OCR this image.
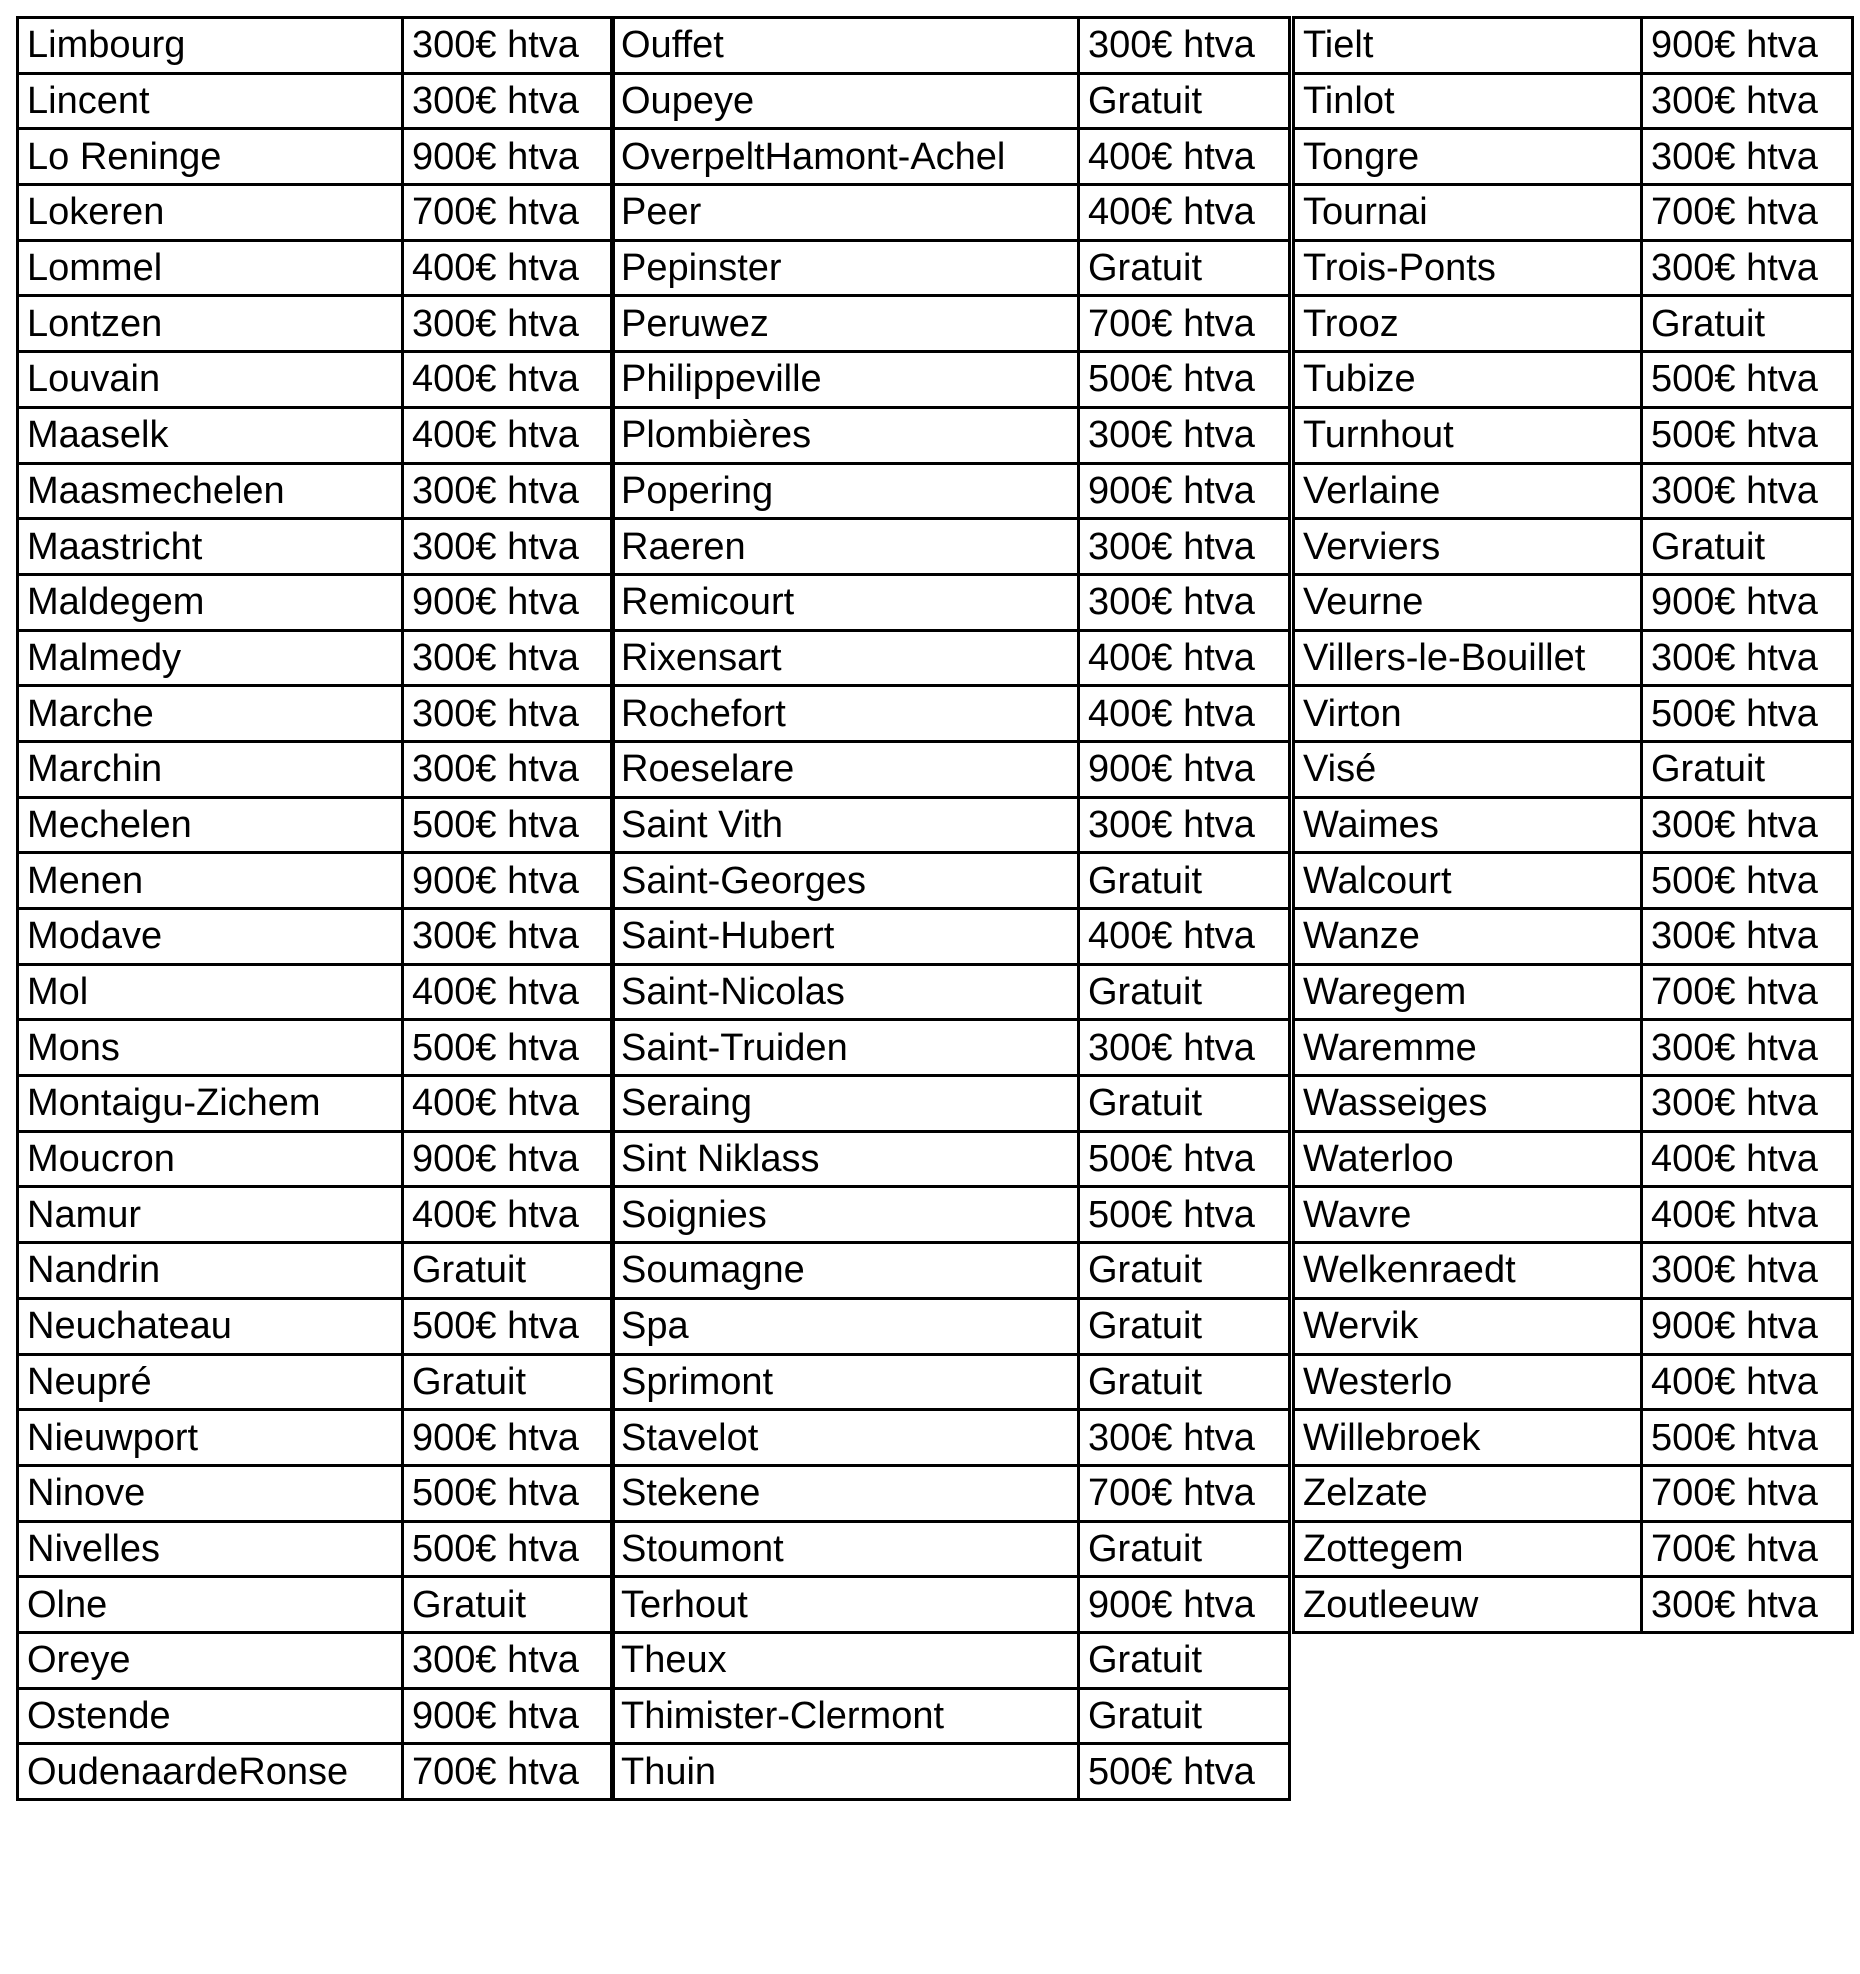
Limbourg	300€ htva
Lincent	300€ htva
Lo Reninge	900€ htva
Lokeren	700€ htva
Lommel	400€ htva
Lontzen	300€ htva
Louvain	400€ htva
Maaselk	400€ htva
Maasmechelen	300€ htva
Maastricht	300€ htva
Maldegem	900€ htva
Malmedy	300€ htva
Marche	300€ htva
Marchin	300€ htva
Mechelen	500€ htva
Menen	900€ htva
Modave	300€ htva
Mol	400€ htva
Mons	500€ htva
Montaigu-Zichem	400€ htva
Moucron	900€ htva
Namur	400€ htva
Nandrin	Gratuit
Neuchateau	500€ htva
Neupré	Gratuit
Nieuwport	900€ htva
Ninove	500€ htva
Nivelles	500€ htva
Olne	Gratuit
Oreye	300€ htva
Ostende	900€ htva
OudenaardeRonse	700€ htva
Ouffet	300€ htva
Oupeye	Gratuit
OverpeltHamont-Achel	400€ htva
Peer	400€ htva
Pepinster	Gratuit
Peruwez	700€ htva
Philippeville	500€ htva
Plombières	300€ htva
Popering	900€ htva
Raeren	300€ htva
Remicourt	300€ htva
Rixensart	400€ htva
Rochefort	400€ htva
Roeselare	900€ htva
Saint Vith	300€ htva
Saint-Georges	Gratuit
Saint-Hubert	400€ htva
Saint-Nicolas	Gratuit
Saint-Truiden	300€ htva
Seraing	Gratuit
Sint Niklass	500€ htva
Soignies	500€ htva
Soumagne	Gratuit
Spa	Gratuit
Sprimont	Gratuit
Stavelot	300€ htva
Stekene	700€ htva
Stoumont	Gratuit
Terhout	900€ htva
Theux	Gratuit
Thimister-Clermont	Gratuit
Thuin	500€ htva
Tielt	900€ htva
Tinlot	300€ htva
Tongre	300€ htva
Tournai	700€ htva
Trois-Ponts	300€ htva
Trooz	Gratuit
Tubize	500€ htva
Turnhout	500€ htva
Verlaine	300€ htva
Verviers	Gratuit
Veurne	900€ htva
Villers-le-Bouillet	300€ htva
Virton	500€ htva
Visé	Gratuit
Waimes	300€ htva
Walcourt	500€ htva
Wanze	300€ htva
Waregem	700€ htva
Waremme	300€ htva
Wasseiges	300€ htva
Waterloo	400€ htva
Wavre	400€ htva
Welkenraedt	300€ htva
Wervik	900€ htva
Westerlo	400€ htva
Willebroek	500€ htva
Zelzate	700€ htva
Zottegem	700€ htva
Zoutleeuw	300€ htva
